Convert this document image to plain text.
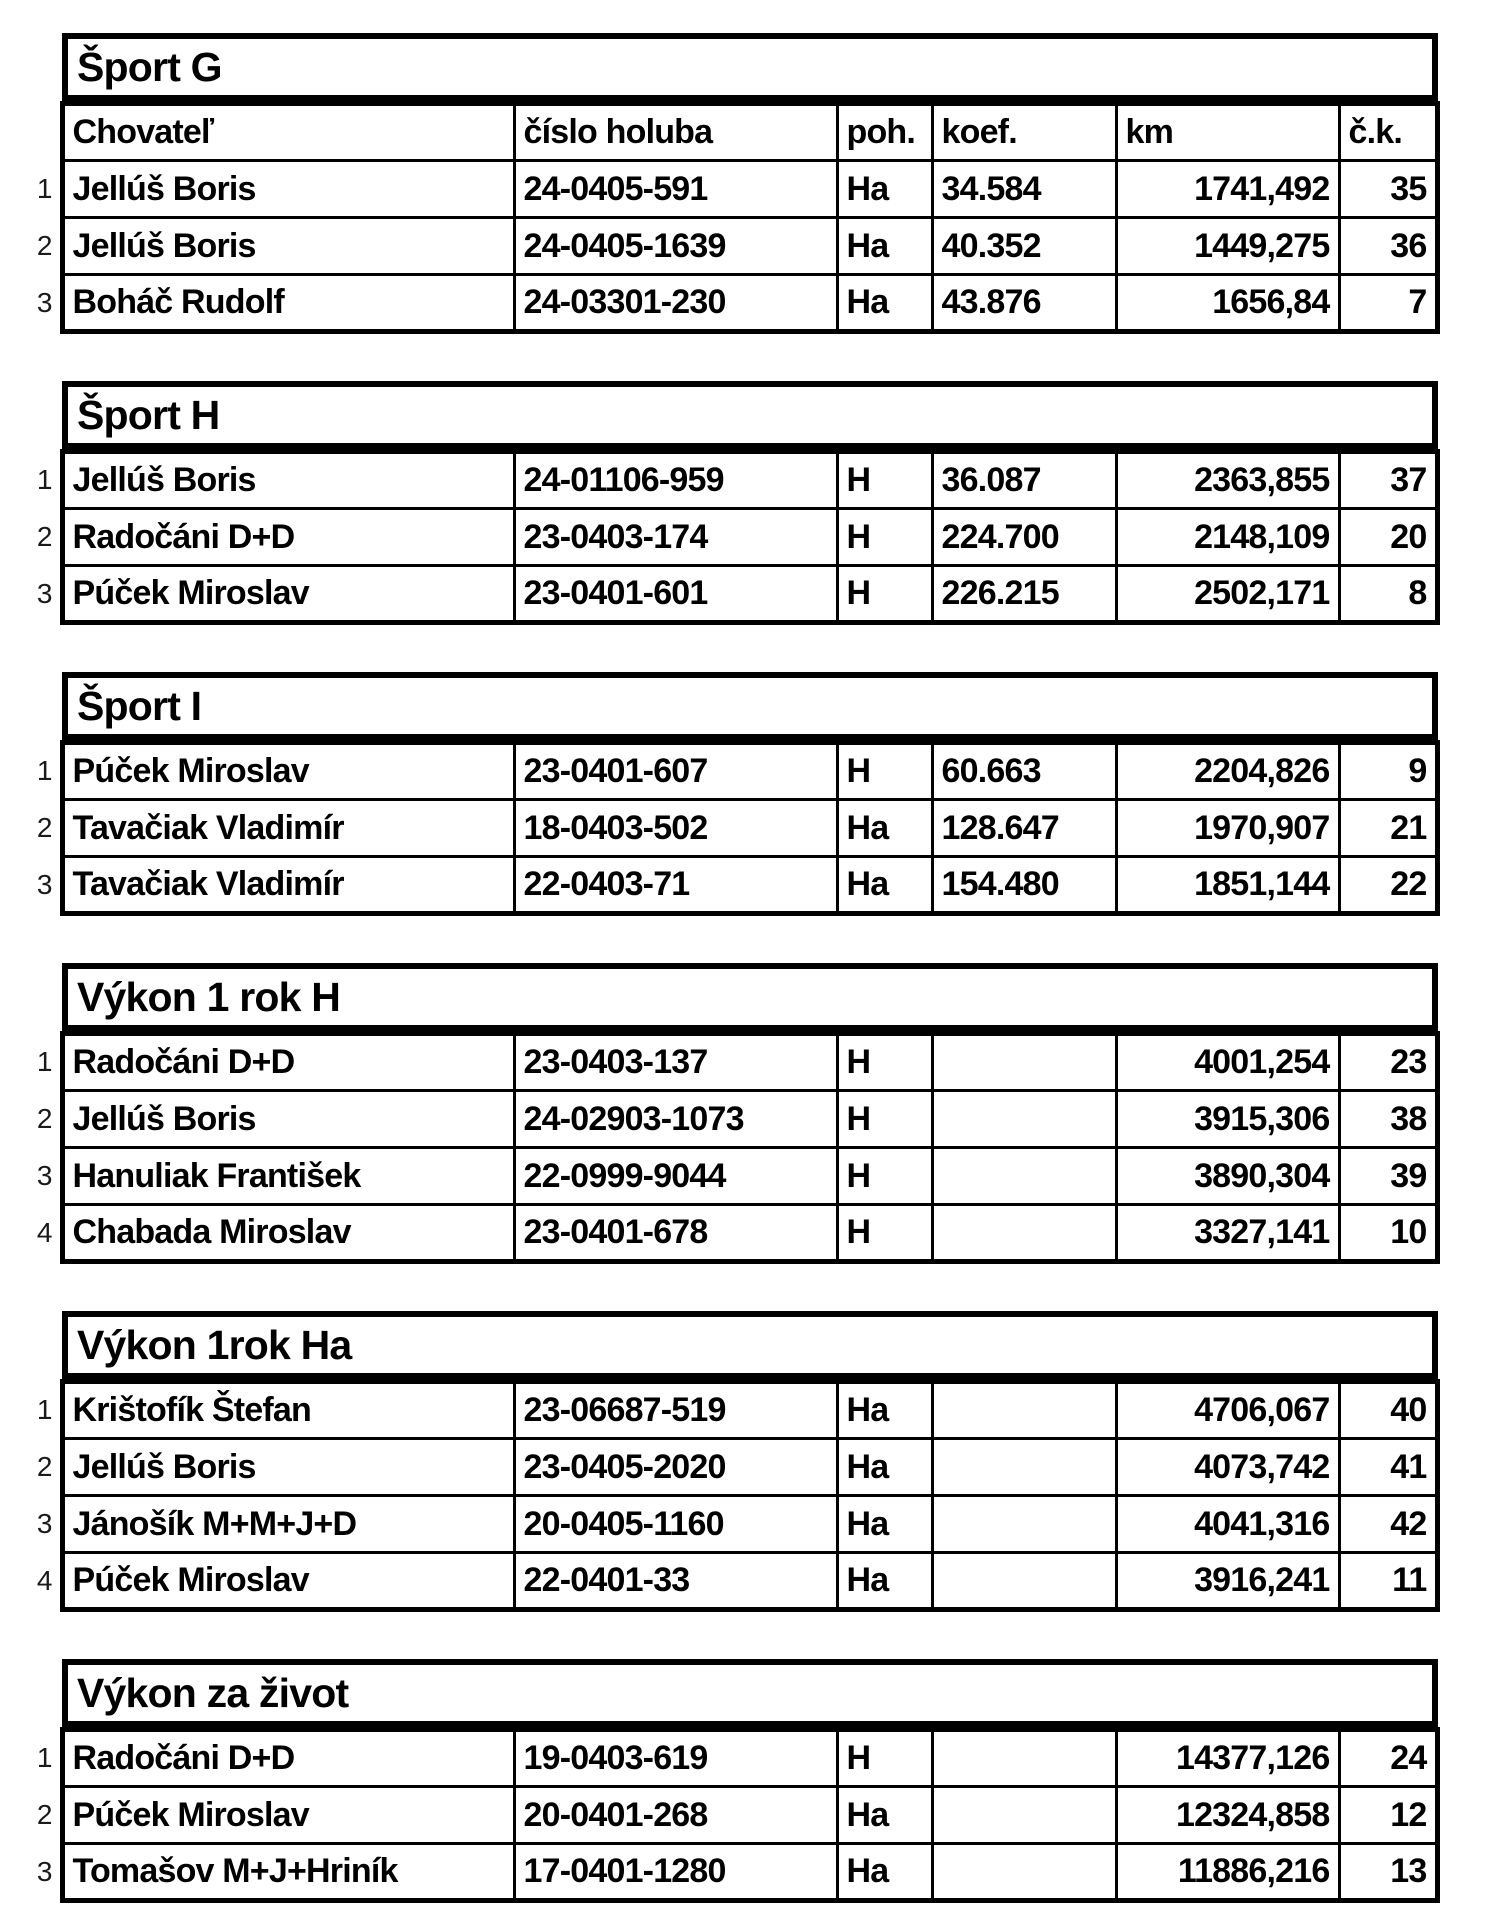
Šport G
	Chovateľ	číslo holuba	poh.	koef.	km	č.k.
1	Jellúš Boris	24-0405-591	Ha	34.584	1741,492	35
2	Jellúš Boris	24-0405-1639	Ha	40.352	1449,275	36
3	Boháč Rudolf	24-03301-230	Ha	43.876	1656,84	7
Šport H
1	Jellúš Boris	24-01106-959	H	36.087	2363,855	37
2	Radočáni D+D	23-0403-174	H	224.700	2148,109	20
3	Púček Miroslav	23-0401-601	H	226.215	2502,171	8
Šport I
1	Púček Miroslav	23-0401-607	H	60.663	2204,826	9
2	Tavačiak Vladimír	18-0403-502	Ha	128.647	1970,907	21
3	Tavačiak Vladimír	22-0403-71	Ha	154.480	1851,144	22
Výkon 1 rok H
1	Radočáni D+D	23-0403-137	H		4001,254	23
2	Jellúš Boris	24-02903-1073	H		3915,306	38
3	Hanuliak František	22-0999-9044	H		3890,304	39
4	Chabada Miroslav	23-0401-678	H		3327,141	10
Výkon 1rok Ha
1	Krištofík Štefan	23-06687-519	Ha		4706,067	40
2	Jellúš Boris	23-0405-2020	Ha		4073,742	41
3	Jánošík M+M+J+D	20-0405-1160	Ha		4041,316	42
4	Púček Miroslav	22-0401-33	Ha		3916,241	11
Výkon za život
1	Radočáni D+D	19-0403-619	H		14377,126	24
2	Púček Miroslav	20-0401-268	Ha		12324,858	12
3	Tomašov M+J+Hriník	17-0401-1280	Ha		11886,216	13
